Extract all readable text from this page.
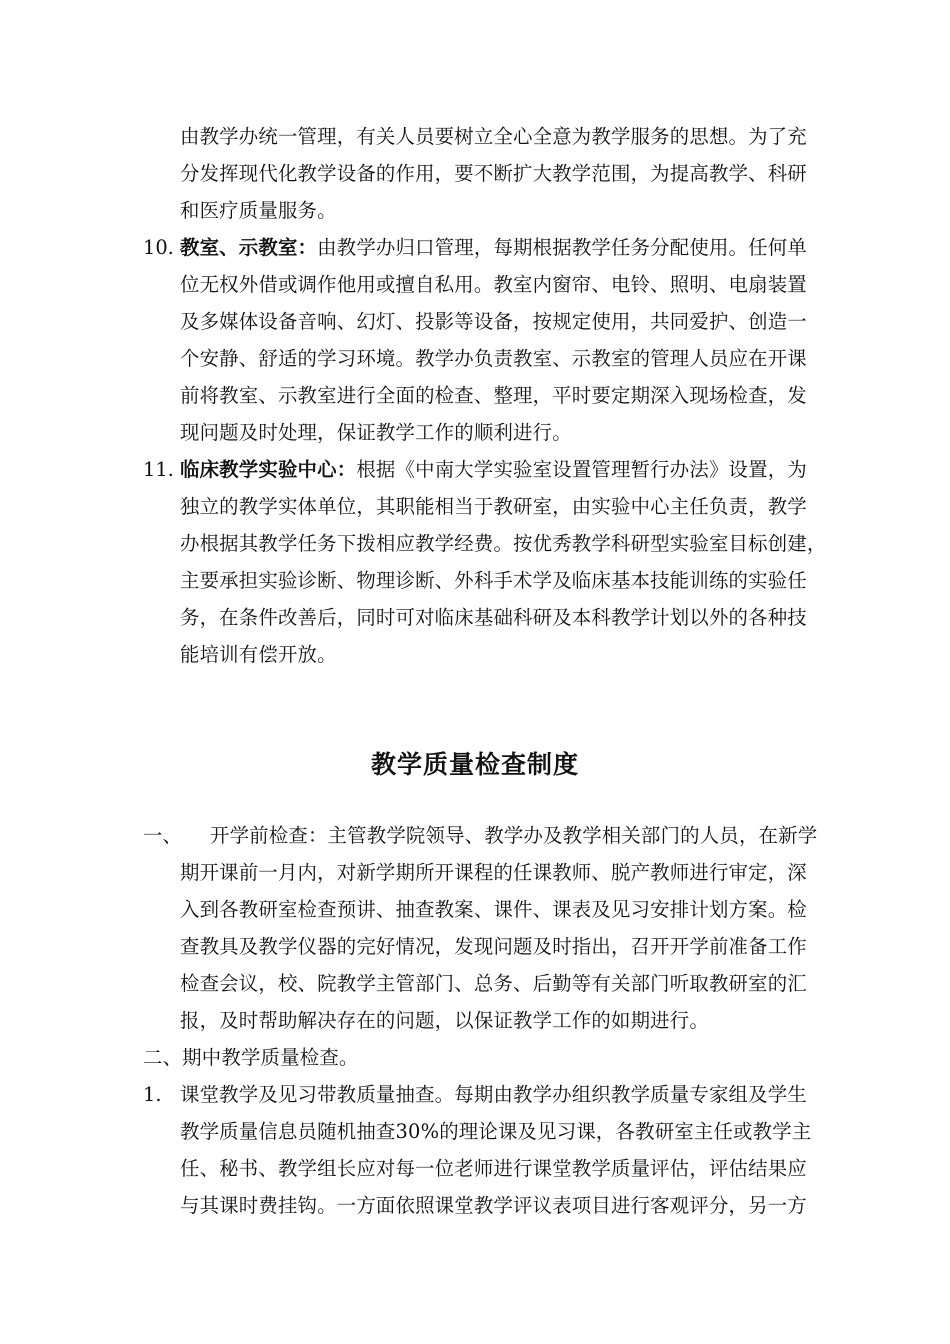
由教学办统一管理，有关人员要树立全心全意为教学服务的思想。为了充
分发挥现代化教学设备的作用，要不断扩大教学范围，为提高教学、科研
和医疗质量服务。
10. 教室、示教室：由教学办归口管理，每期根据教学任务分配使用。任何单
位无权外借或调作他用或擅自私用。教室内窗帘、电铃、照明、电扇装置
及多媒体设备音响、幻灯、投影等设备，按规定使用，共同爱护、创造一
个安静、舒适的学习环境。教学办负责教室、示教室的管理人员应在开课
前将教室、示教室进行全面的检查、整理，平时要定期深入现场检查，发
现问题及时处理，保证教学工作的顺利进行。
11. 临床教学实验中心：根据《中南大学实验室设置管理暂行办法》设置，为
独立的教学实体单位，其职能相当于教研室，由实验中心主任负责，教学
办根据其教学任务下拨相应教学经费。按优秀教学科研型实验室目标创建，
主要承担实验诊断、物理诊断、外科手术学及临床基本技能训练的实验任
务，在条件改善后，同时可对临床基础科研及本科教学计划以外的各种技
能培训有偿开放。
教学质量检查制度
一、 开学前检查：主管教学院领导、教学办及教学相关部门的人员，在新学
期开课前一月内，对新学期所开课程的任课教师、脱产教师进行审定，深
入到各教研室检查预讲、抽查教案、课件、课表及见习安排计划方案。检
查教具及教学仪器的完好情况，发现问题及时指出，召开开学前准备工作
检查会议，校、院教学主管部门、总务、后勤等有关部门听取教研室的汇
报，及时帮助解决存在的问题，以保证教学工作的如期进行。
二、期中教学质量检查。
1. 课堂教学及见习带教质量抽查。每期由教学办组织教学质量专家组及学生
教学质量信息员随机抽查30%的理论课及见习课，各教研室主任或教学主
任、秘书、教学组长应对每一位老师进行课堂教学质量评估，评估结果应
与其课时费挂钩。一方面依照课堂教学评议表项目进行客观评分，另一方
